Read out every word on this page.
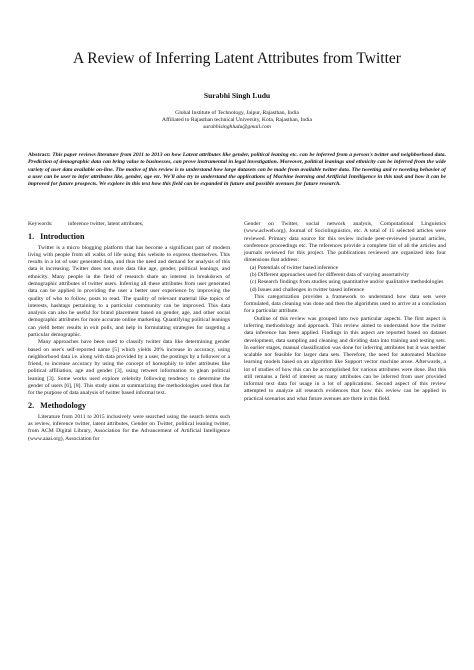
A Review of Inferring Latent Attributes from Twitter
Surabhi Singh Ludu
Global Institute of Technology, Jaipur, Rajasthan, India
Affiliated to Rajasthan technical University, Kota, Rajasthan, India
surabhisinghludu@gmail.com

Abstract: This paper reviews literature from 2011 to 2013 on how Latent attributes like gender, political leaning etc. can be inferred from a person's twitter and neighborhood data. Prediction of demographic data can bring value to businesses, can prove instrumental in legal investigation. Moreover, political leanings and ethnicity can be inferred from the wide variety of user data available on-line. The motive of this review is to understand how large datasets can be made from available twitter data. The tweeting and re tweeting behavior of a user can be user to infer attributes like, gender, age etc. We'll also try to understand the applications of Machine learning and Artificial Intelligence in this task and how it can be improved for future prospects. We explore in this text how this field can be expanded in future and possible avenues for future research.

Keywords:	inference twitter, latent attributes,

1. Introduction

Twitter is a micro blogging platform that has become a significant part of modern living with people from all walks of life using this website to express themselves. This results in a lot of user generated data, and thus the need and demand for analysis of this data is increasing. Twitter does not store data like age, gender, political leanings, and ethnicity. Many people in the field of research share an interest in breakdown of demographic attributes of twitter users. Inferring all these attributes from user generated data can be applied in providing the user a better user experience by improving the quality of who to follow, posts to read. The quality of relevant material like topics of interests, hashtags pertaining to a particular community can be improved. This data analysis can also be useful for brand placement based on gender, age, and other social demographic attributes for more accurate online marketing. Quantifying political leanings can yield better results in exit polls, and help in formulating strategies for targeting a particular demographic.

Many approaches have been used to classify twitter data like determining gender based on user's self-reported name [5] which yields 20% increase in accuracy, using neighborhood data i.e. along with data provided by a user, the postings by a follower or a friend, to increase accuracy by using the concept of homophily to infer attributes like political affiliation, age and gender [3], using retweet information to glean political leaning [3]. Some works used explore celebrity following tendency to determine the gender of users [6], [8]. This study aims at summarizing the methodologies used thus far for the purpose of data analysis of twitter based informal text.

2. Methodology

Literature from 2011 to 2015 inclusively were searched using the search terms such as review, inference twitter, latent attributes, Gender on Twitter, political leaning twitter, from ACM Digital Library, Association for the Advancement of Artificial Intelligence (www.aaai.org), Association for

Gender on Twitter, social network analysis, Computational Linguistics (www.aclweb.org), Journal of Sociolinguistics, etc. A total of 11 selected articles were reviewed. Primary data source for this review include peer-reviewed journal articles, conference proceedings etc. The references provide a complete list of all the articles and journals reviewed for this project. The publications reviewed are organized into four dimensions that address:

(a) Potentials of twitter based inference

(b) Different approaches used for different data of varying assortativity

(c) Research findings from studies using quantitative and/or qualitative methodologies

(d) Issues and challenges in twitter based inference

This categorization provides a framework to understand how data sets were formulated, data cleaning was done and then the algorithms used to arrive at a conclusion for a particular attribute.

Outline of this review was grouped into two particular aspects. The first aspect is inferring methodology and approach. This review aimed to understand how the twitter data inference has been applied. Findings in this aspect are reported based on dataset development, data sampling and cleaning and dividing data into training and testing sets. In earlier stages, manual classification was done for inferring attributes but it was neither scalable nor feasible for larger data sets. Therefore, the need for automated Machine learning models based on an algorithm like Support vector machine arose. Afterwards, a lot of studies of how this can be accomplished for various attributes were done. But this still remains a field of interest as many attributes can be inferred from user provided informal text data for usage in a lot of applications. Second aspect of this review attempted to analyze all research evidences that how this review can be applied in practical scenarios and what future avenues are there in this field.
